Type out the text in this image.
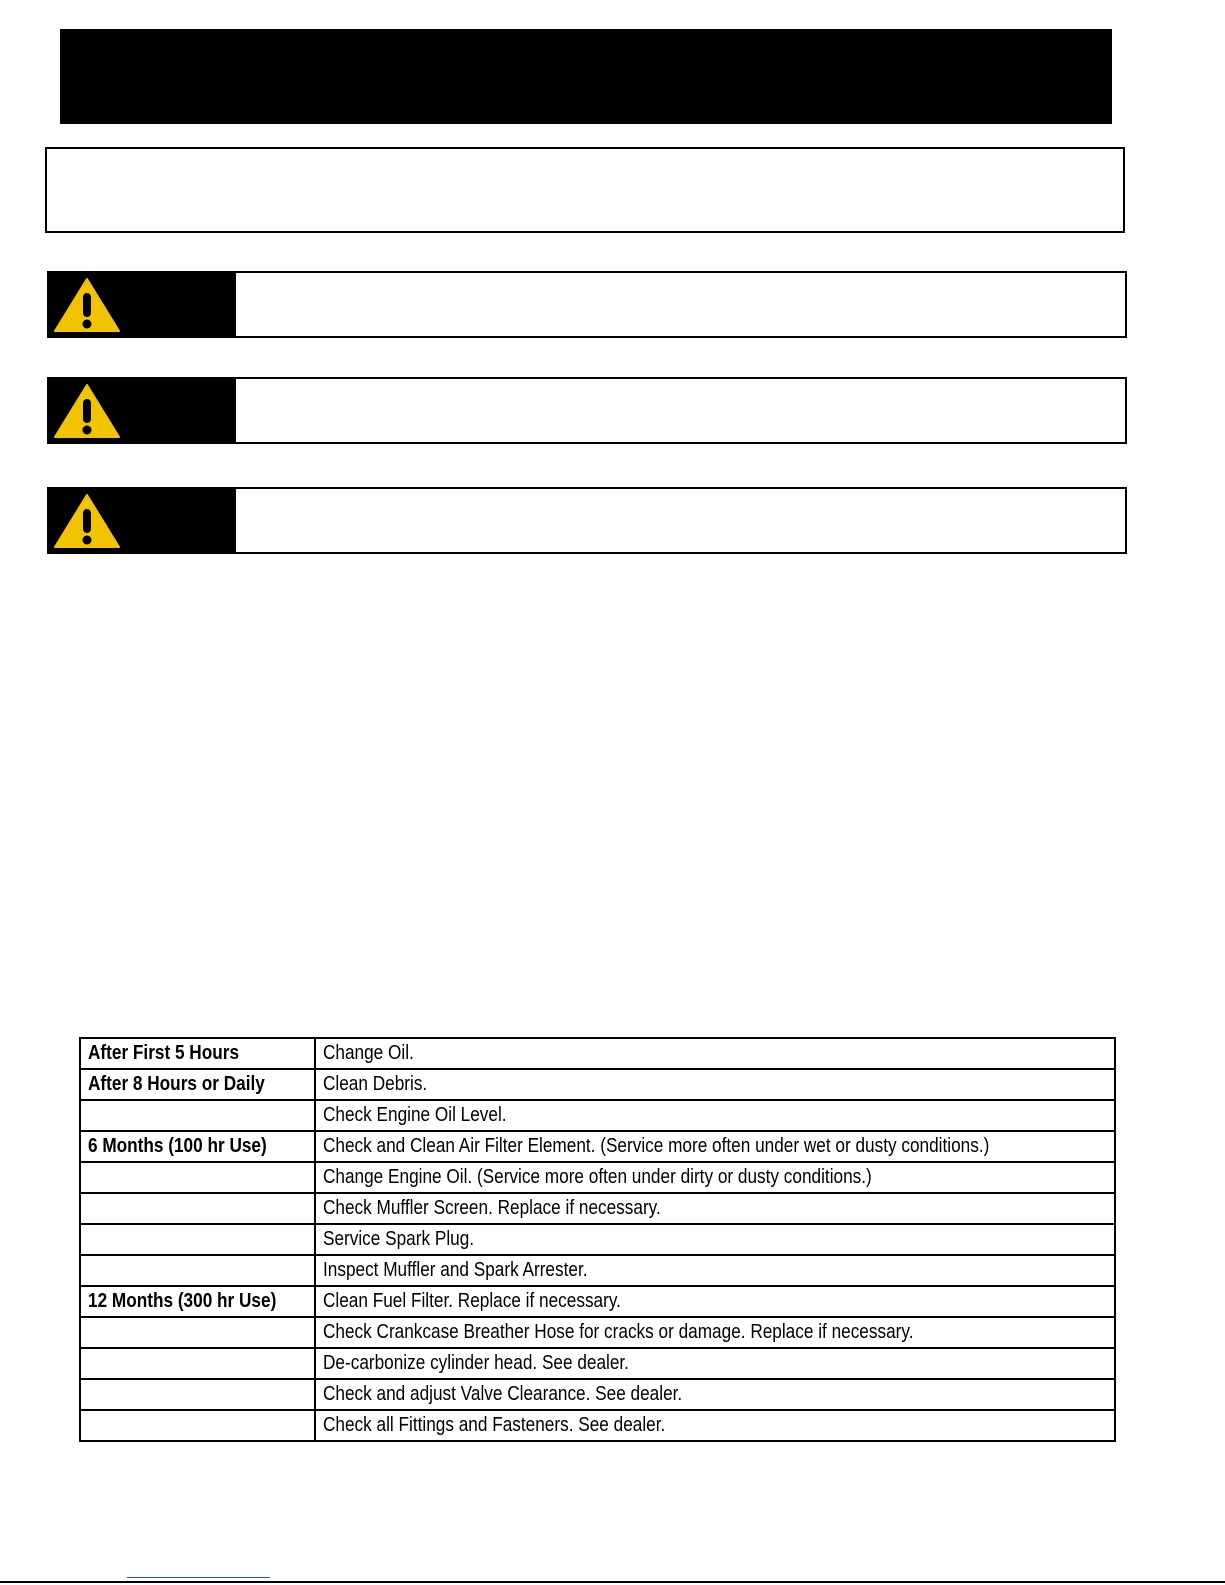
After First 5 Hours	Change Oil.
After 8 Hours or Daily	Clean Debris.
	Check Engine Oil Level.
6 Months (100 hr Use)	Check and Clean Air Filter Element. (Service more often under wet or dusty conditions.)
	Change Engine Oil. (Service more often under dirty or dusty conditions.)
	Check Muffler Screen. Replace if necessary.
	Service Spark Plug.
	Inspect Muffler and Spark Arrester.
12 Months (300 hr Use)	Clean Fuel Filter. Replace if necessary.
	Check Crankcase Breather Hose for cracks or damage. Replace if necessary.
	De-carbonize cylinder head. See dealer.
	Check and adjust Valve Clearance. See dealer.
	Check all Fittings and Fasteners. See dealer.
